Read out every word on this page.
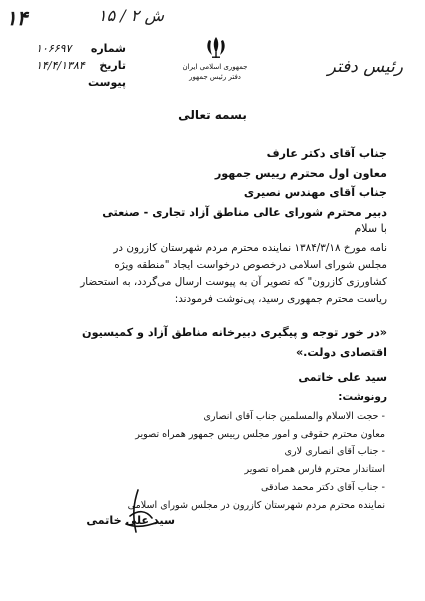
۱۴	۱۵ / ۲ ش
شماره
۱۰۶۶۹۷
تاریخ
۱۴/۴/۱۳۸۴
پیوست
جمهوری اسلامی ایران
دفتر رئیس جمهور	رئیس دفتر
بسمه تعالی
جناب آقای دکتر عارف
معاون اول محترم رییس جمهور
جناب آقای مهندس نصیری
دبیر محترم شورای عالی مناطق آزاد تجاری - صنعتی
با سلام
نامه مورخ ۱۳۸۴/۳/۱۸ نماینده محترم مردم شهرستان کازرون در
مجلس شورای اسلامی درخصوص درخواست ایجاد "منطقه ویژه
کشاورزی کازرون" که تصویر آن به پیوست ارسال می‌گردد، به استحضار
ریاست محترم جمهوری رسید، پی‌نوشت فرمودند:
«در خور توجه و پیگیری دبیرخانه مناطق آزاد و کمیسیون
اقتصادی دولت.»
سید علی خاتمی
رونوشت:
- حجت الاسلام والمسلمین جناب آقای انصاری
معاون محترم حقوقی و امور مجلس رییس جمهور همراه تصویر
- جناب آقای انصاری لاری
استاندار محترم فارس همراه تصویر
- جناب آقای دکتر محمد صادقی
نماینده محترم مردم شهرستان کازرون در مجلس شورای اسلامی
سید علی خاتمی
